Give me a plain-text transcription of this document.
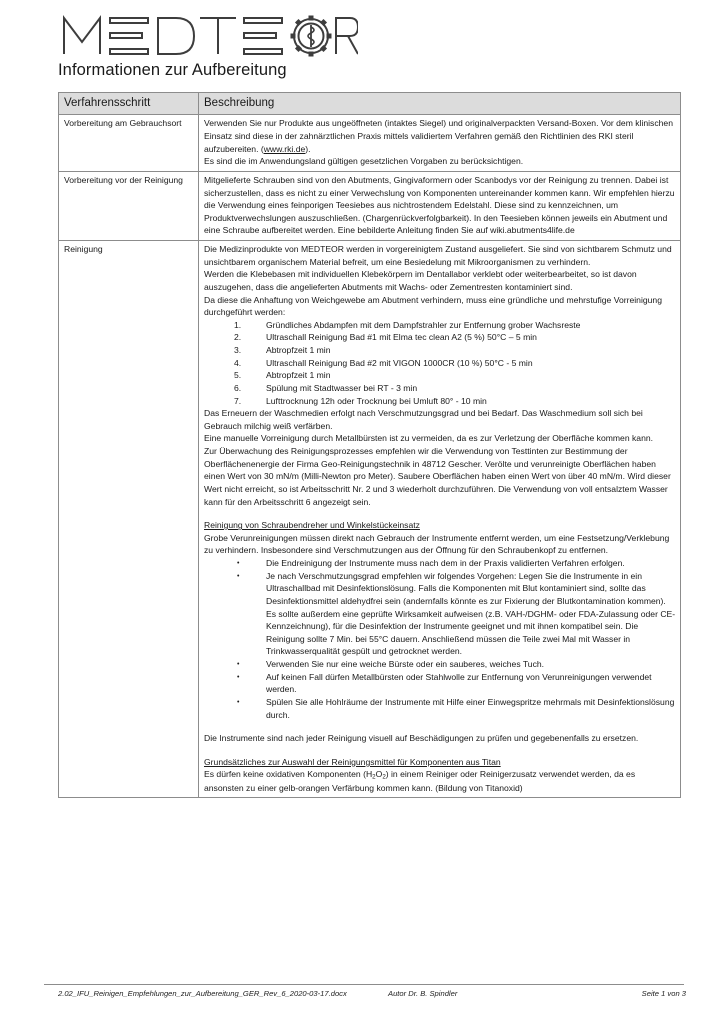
Informationen zur Aufbereitung
Verfahrensschritt	Beschreibung
Vorbereitung am Gebrauchsort	Verwenden Sie nur Produkte aus ungeöffneten (intaktes Siegel) und originalverpackten Versand-Boxen. Vor dem klinischen Einsatz sind diese in der zahnärztlichen Praxis mittels validiertem Verfahren gemäß den Richtlinien des RKI steril aufzubereiten. (www.rki.de).

Es sind die im Anwendungsland gültigen gesetzlichen Vorgaben zu berücksichtigen.

Vorbereitung vor der Reinigung	Mitgelieferte Schrauben sind von den Abutments, Gingivaformern oder Scanbodys vor der Reinigung zu trennen. Dabei ist sicherzustellen, dass es nicht zu einer Verwechslung von Komponenten untereinander kommen kann. Wir empfehlen hierzu die Verwendung eines feinporigen Teesiebes aus nichtrostendem Edelstahl. Diese sind zu kennzeichnen, um Produktverwechslungen auszuschließen. (Chargenrückverfolgbarkeit). In den Teesieben können jeweils ein Abutment und eine Schraube aufbereitet werden. Eine bebilderte Anleitung finden Sie auf wiki.abutments4life.de

Reinigung	Die Medizinprodukte von MEDTEOR werden in vorgereinigtem Zustand ausgeliefert. Sie sind von sichtbarem Schmutz und unsichtbarem organischem Material befreit, um eine Besiedelung mit Mikroorganismen zu verhindern.

Werden die Klebebasen mit individuellen Klebekörpern im Dentallabor verklebt oder weiterbearbeitet, so ist davon auszugehen, dass die angelieferten Abutments mit Wachs- oder Zementresten kontaminiert sind.

Da diese die Anhaftung von Weichgewebe am Abutment verhindern, muss eine gründliche und mehrstufige Vorreinigung durchgeführt werden:

Gründliches Abdampfen mit dem Dampfstrahler zur Entfernung grober Wachsreste
Ultraschall Reinigung Bad #1 mit Elma tec clean A2 (5 %) 50°C – 5 min
Abtropfzeit 1 min
Ultraschall Reinigung Bad #2 mit VIGON 1000CR (10 %) 50°C - 5 min
Abtropfzeit 1 min
Spülung mit Stadtwasser bei RT - 3 min
Lufttrocknung 12h oder Trocknung bei Umluft 80° - 10 min

Das Erneuern der Waschmedien erfolgt nach Verschmutzungsgrad und bei Bedarf. Das Waschmedium soll sich bei Gebrauch milchig weiß verfärben.

Eine manuelle Vorreinigung durch Metallbürsten ist zu vermeiden, da es zur Verletzung der Oberfläche kommen kann.

Zur Überwachung des Reinigungsprozesses empfehlen wir die Verwendung von Testtinten zur Bestimmung der Oberflächenenergie der Firma Geo-Reinigungstechnik in 48712 Gescher. Verölte und verunreinigte Oberflächen haben einen Wert von 30 mN/m (Milli-Newton pro Meter). Saubere Oberflächen haben einen Wert von über 40 mN/m. Wird dieser Wert nicht erreicht, so ist Arbeitsschritt Nr. 2 und 3 wiederholt durchzuführen. Die Verwendung von voll entsalztem Wasser kann für den Arbeitsschritt 6 angezeigt sein.

Reinigung von Schraubendreher und Winkelstückeinsatz

Grobe Verunreinigungen müssen direkt nach Gebrauch der Instrumente entfernt werden, um eine Festsetzung/Verklebung zu verhindern. Insbesondere sind Verschmutzungen aus der Öffnung für den Schraubenkopf zu entfernen.

• Die Endreinigung der Instrumente muss nach dem in der Praxis validierten Verfahren erfolgen.
• Je nach Verschmutzungsgrad empfehlen wir folgendes Vorgehen: Legen Sie die Instrumente in ein Ultraschallbad mit Desinfektionslösung. Falls die Komponenten mit Blut kontaminiert sind, sollte das Desinfektionsmittel aldehydfrei sein (andernfalls könnte es zur Fixierung der Blutkontamination kommen). Es sollte außerdem eine geprüfte Wirksamkeit aufweisen (z.B. VAH-/DGHM- oder FDA-Zulassung oder CE-Kennzeichnung), für die Desinfektion der Instrumente geeignet und mit ihnen kompatibel sein. Die Reinigung sollte 7 Min. bei 55°C dauern. Anschließend müssen die Teile zwei Mal mit Wasser in Trinkwasserqualität gespült und getrocknet werden.
• Verwenden Sie nur eine weiche Bürste oder ein sauberes, weiches Tuch.
• Auf keinen Fall dürfen Metallbürsten oder Stahlwolle zur Entfernung von Verunreinigungen verwendet werden.
• Spülen Sie alle Hohlräume der Instrumente mit Hilfe einer Einwegspritze mehrmals mit Desinfektionslösung durch.

Die Instrumente sind nach jeder Reinigung visuell auf Beschädigungen zu prüfen und gegebenenfalls zu ersetzen.

Grundsätzliches zur Auswahl der Reinigungsmittel für Komponenten aus Titan

Es dürfen keine oxidativen Komponenten $(H_2O_2)$ in einem Reiniger oder Reinigerzusatz verwendet werden, da es ansonsten zu einer gelb-orangen Verfärbung kommen kann. (Bildung von Titanoxid)

2.02_IFU_Reinigen_Empfehlungen_zur_Aufbereitung_GER_Rev_6_2020-03-17.docx	Autor Dr. B. Spindler	Seite 1 von 3
